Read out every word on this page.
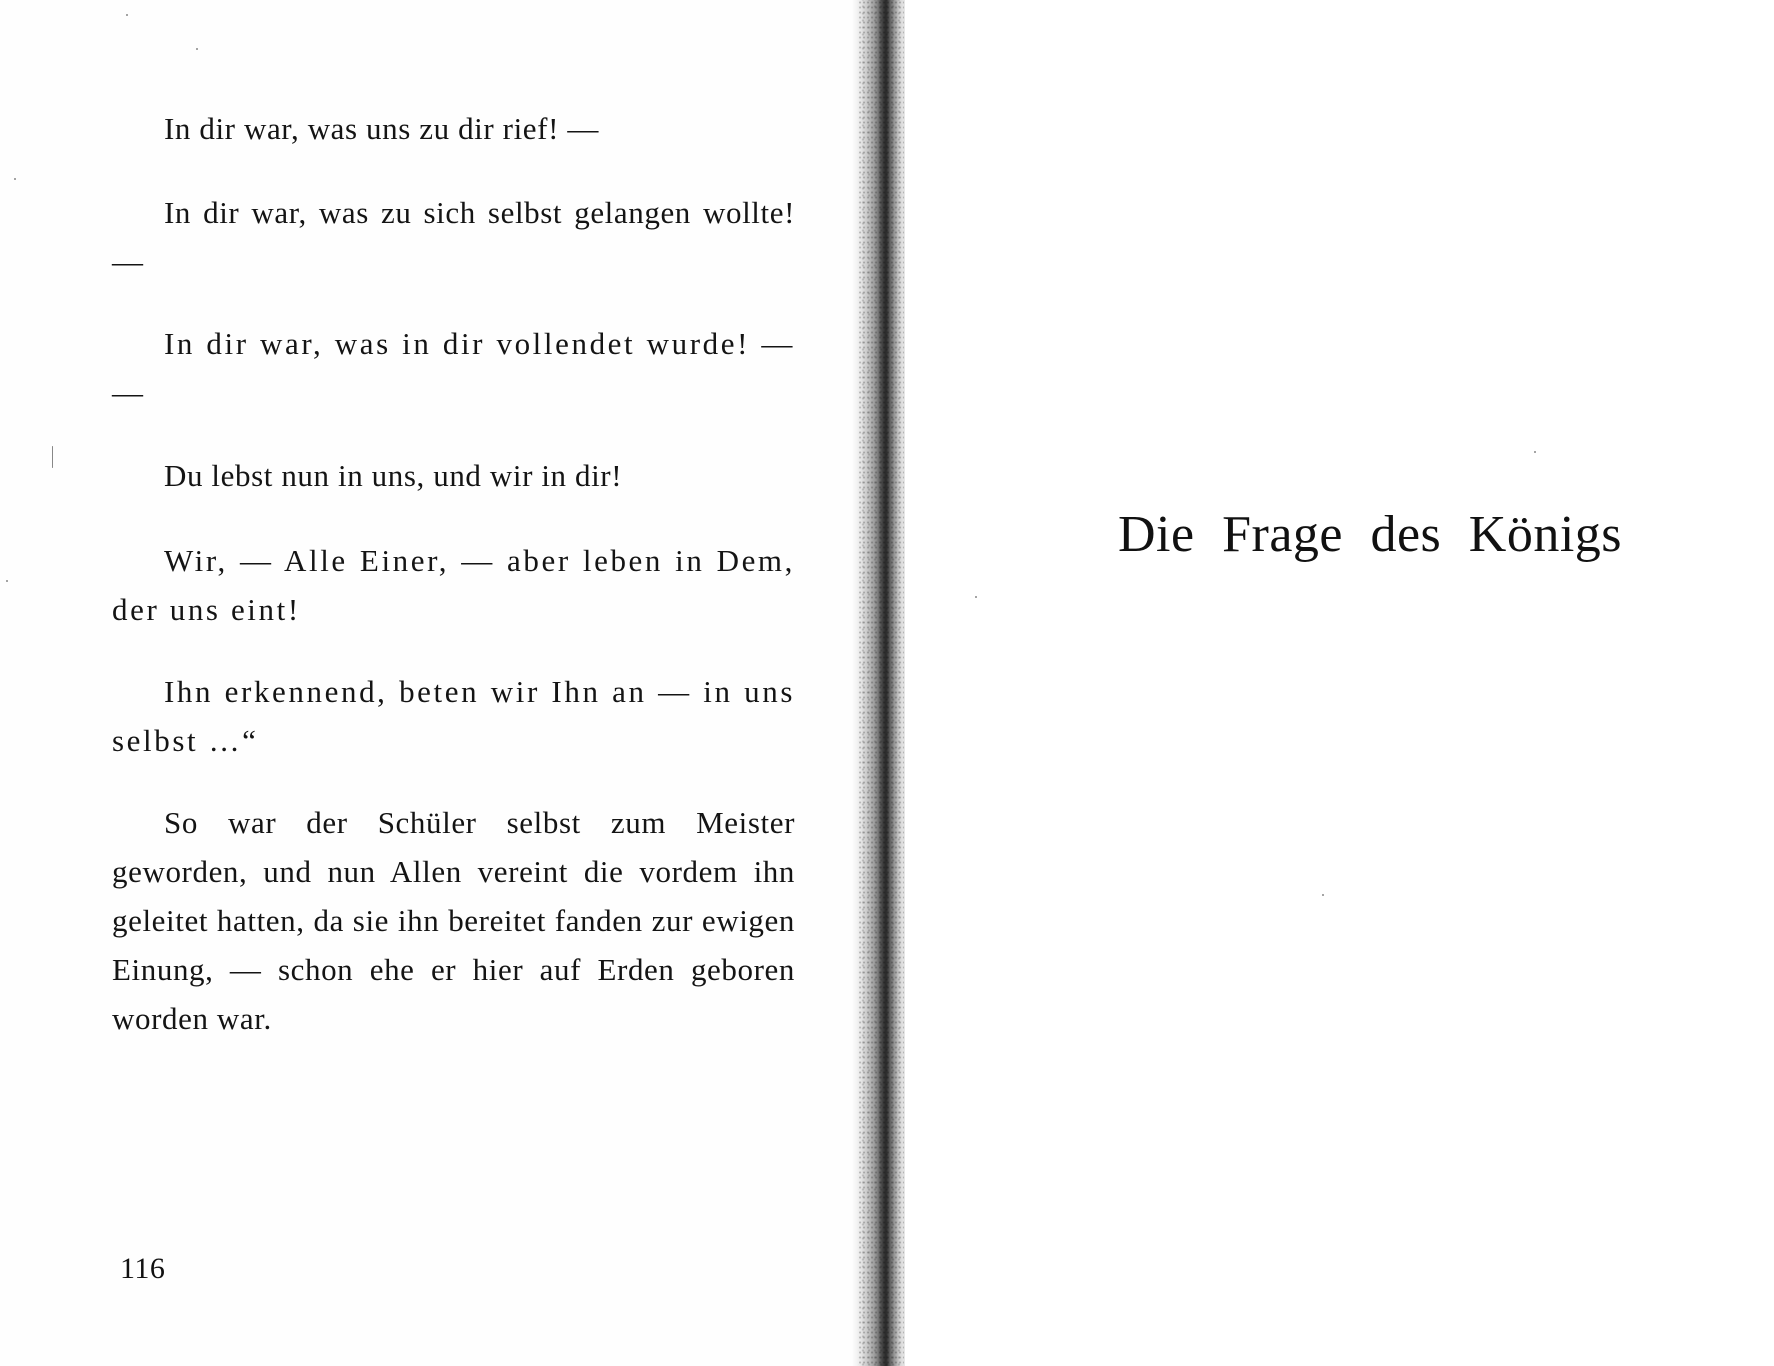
In dir war, was uns zu dir rief! —

In dir war, was zu sich selbst gelangen wollte! —

In dir war, was in dir vollendet wurde! — —

Du lebst nun in uns, und wir in dir!

Wir, — Alle Einer, — aber leben in Dem, der uns eint!

Ihn erkennend, beten wir Ihn an — in uns selbst …“

So war der Schüler selbst zum Meister geworden, und nun Allen vereint die vordem ihn geleitet hatten, da sie ihn bereitet fanden zur ewigen Einung, — schon ehe er hier auf Erden geboren worden war.

116
Die Frage des Königs
